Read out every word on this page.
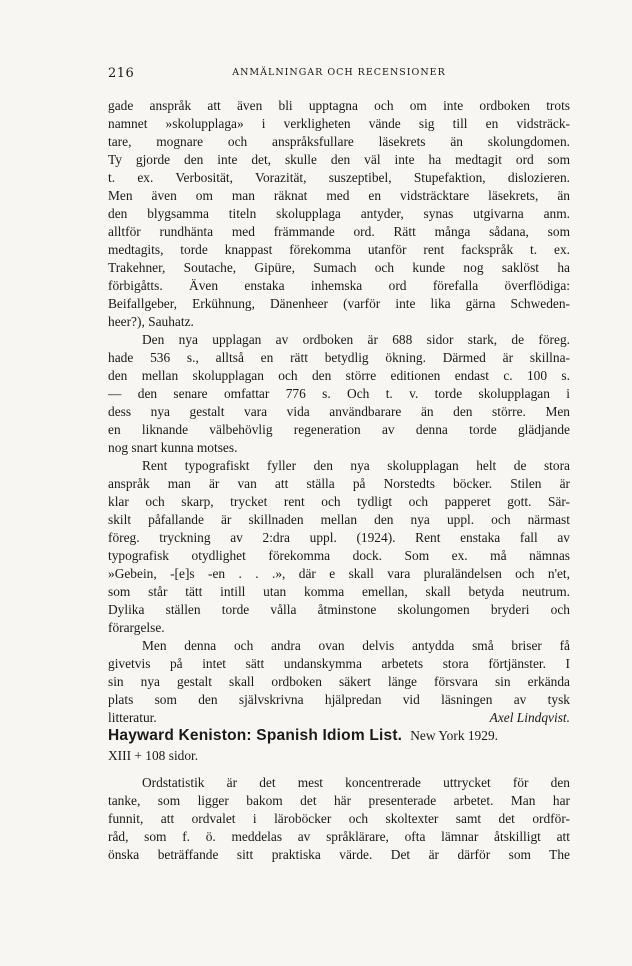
216	ANMÄLNINGAR OCH RECENSIONER
gade anspråk att även bli upptagna och om inte ordboken trots
namnet »skolupplaga» i verkligheten vände sig till en vidsträck-
tare, mognare och anspråksfullare läsekrets än skolungdomen.
Ty gjorde den inte det, skulle den väl inte ha medtagit ord som
t. ex. Verbosität, Vorazität, suszeptibel, Stupefaktion, dislozieren.
Men även om man räknat med en vidsträcktare läsekrets, än
den blygsamma titeln skolupplaga antyder, synas utgivarna anm.
alltför rundhänta med främmande ord. Rätt många sådana, som
medtagits, torde knappast förekomma utanför rent fackspråk t. ex.
Trakehner, Soutache, Gipüre, Sumach och kunde nog saklöst ha
förbigåtts. Även enstaka inhemska ord förefalla överflödiga:
Beifallgeber, Erkühnung, Dänenheer (varför inte lika gärna Schweden-
heer?), Sauhatz.
Den nya upplagan av ordboken är 688 sidor stark, de föreg.
hade 536 s., alltså en rätt betydlig ökning. Därmed är skillna-
den mellan skolupplagan och den större editionen endast c. 100 s.
— den senare omfattar 776 s. Och t. v. torde skolupplagan i
dess nya gestalt vara vida användbarare än den större. Men
en liknande välbehövlig regeneration av denna torde glädjande
nog snart kunna motses.
Rent typografiskt fyller den nya skolupplagan helt de stora
anspråk man är van att ställa på Norstedts böcker. Stilen är
klar och skarp, trycket rent och tydligt och papperet gott. Sär-
skilt påfallande är skillnaden mellan den nya uppl. och närmast
föreg. tryckning av 2:dra uppl. (1924). Rent enstaka fall av
typografisk otydlighet förekomma dock. Som ex. må nämnas
»Gebein, -[e]s -en . . .», där e skall vara pluraländelsen och n'et,
som står tätt intill utan komma emellan, skall betyda neutrum.
Dylika ställen torde vålla åtminstone skolungomen bryderi och
förargelse.
Men denna och andra ovan delvis antydda små briser få
givetvis på intet sätt undanskymma arbetets stora förtjänster. I
sin nya gestalt skall ordboken säkert länge försvara sin erkända
Hayward Keniston: Spanish Idiom List. New York 1929.
XIII + 108 sidor.
Ordstatistik är det mest koncentrerade uttrycket för den
tanke, som ligger bakom det här presenterade arbetet. Man har
funnit, att ordvalet i läroböcker och skoltexter samt det ordför-
råd, som f. ö. meddelas av språklärare, ofta lämnar åtskilligt att
önska beträffande sitt praktiska värde. Det är därför som The
plats som den självskrivna hjälpredan vid läsningen av tysk
litteratur.	Axel Lindqvist.
